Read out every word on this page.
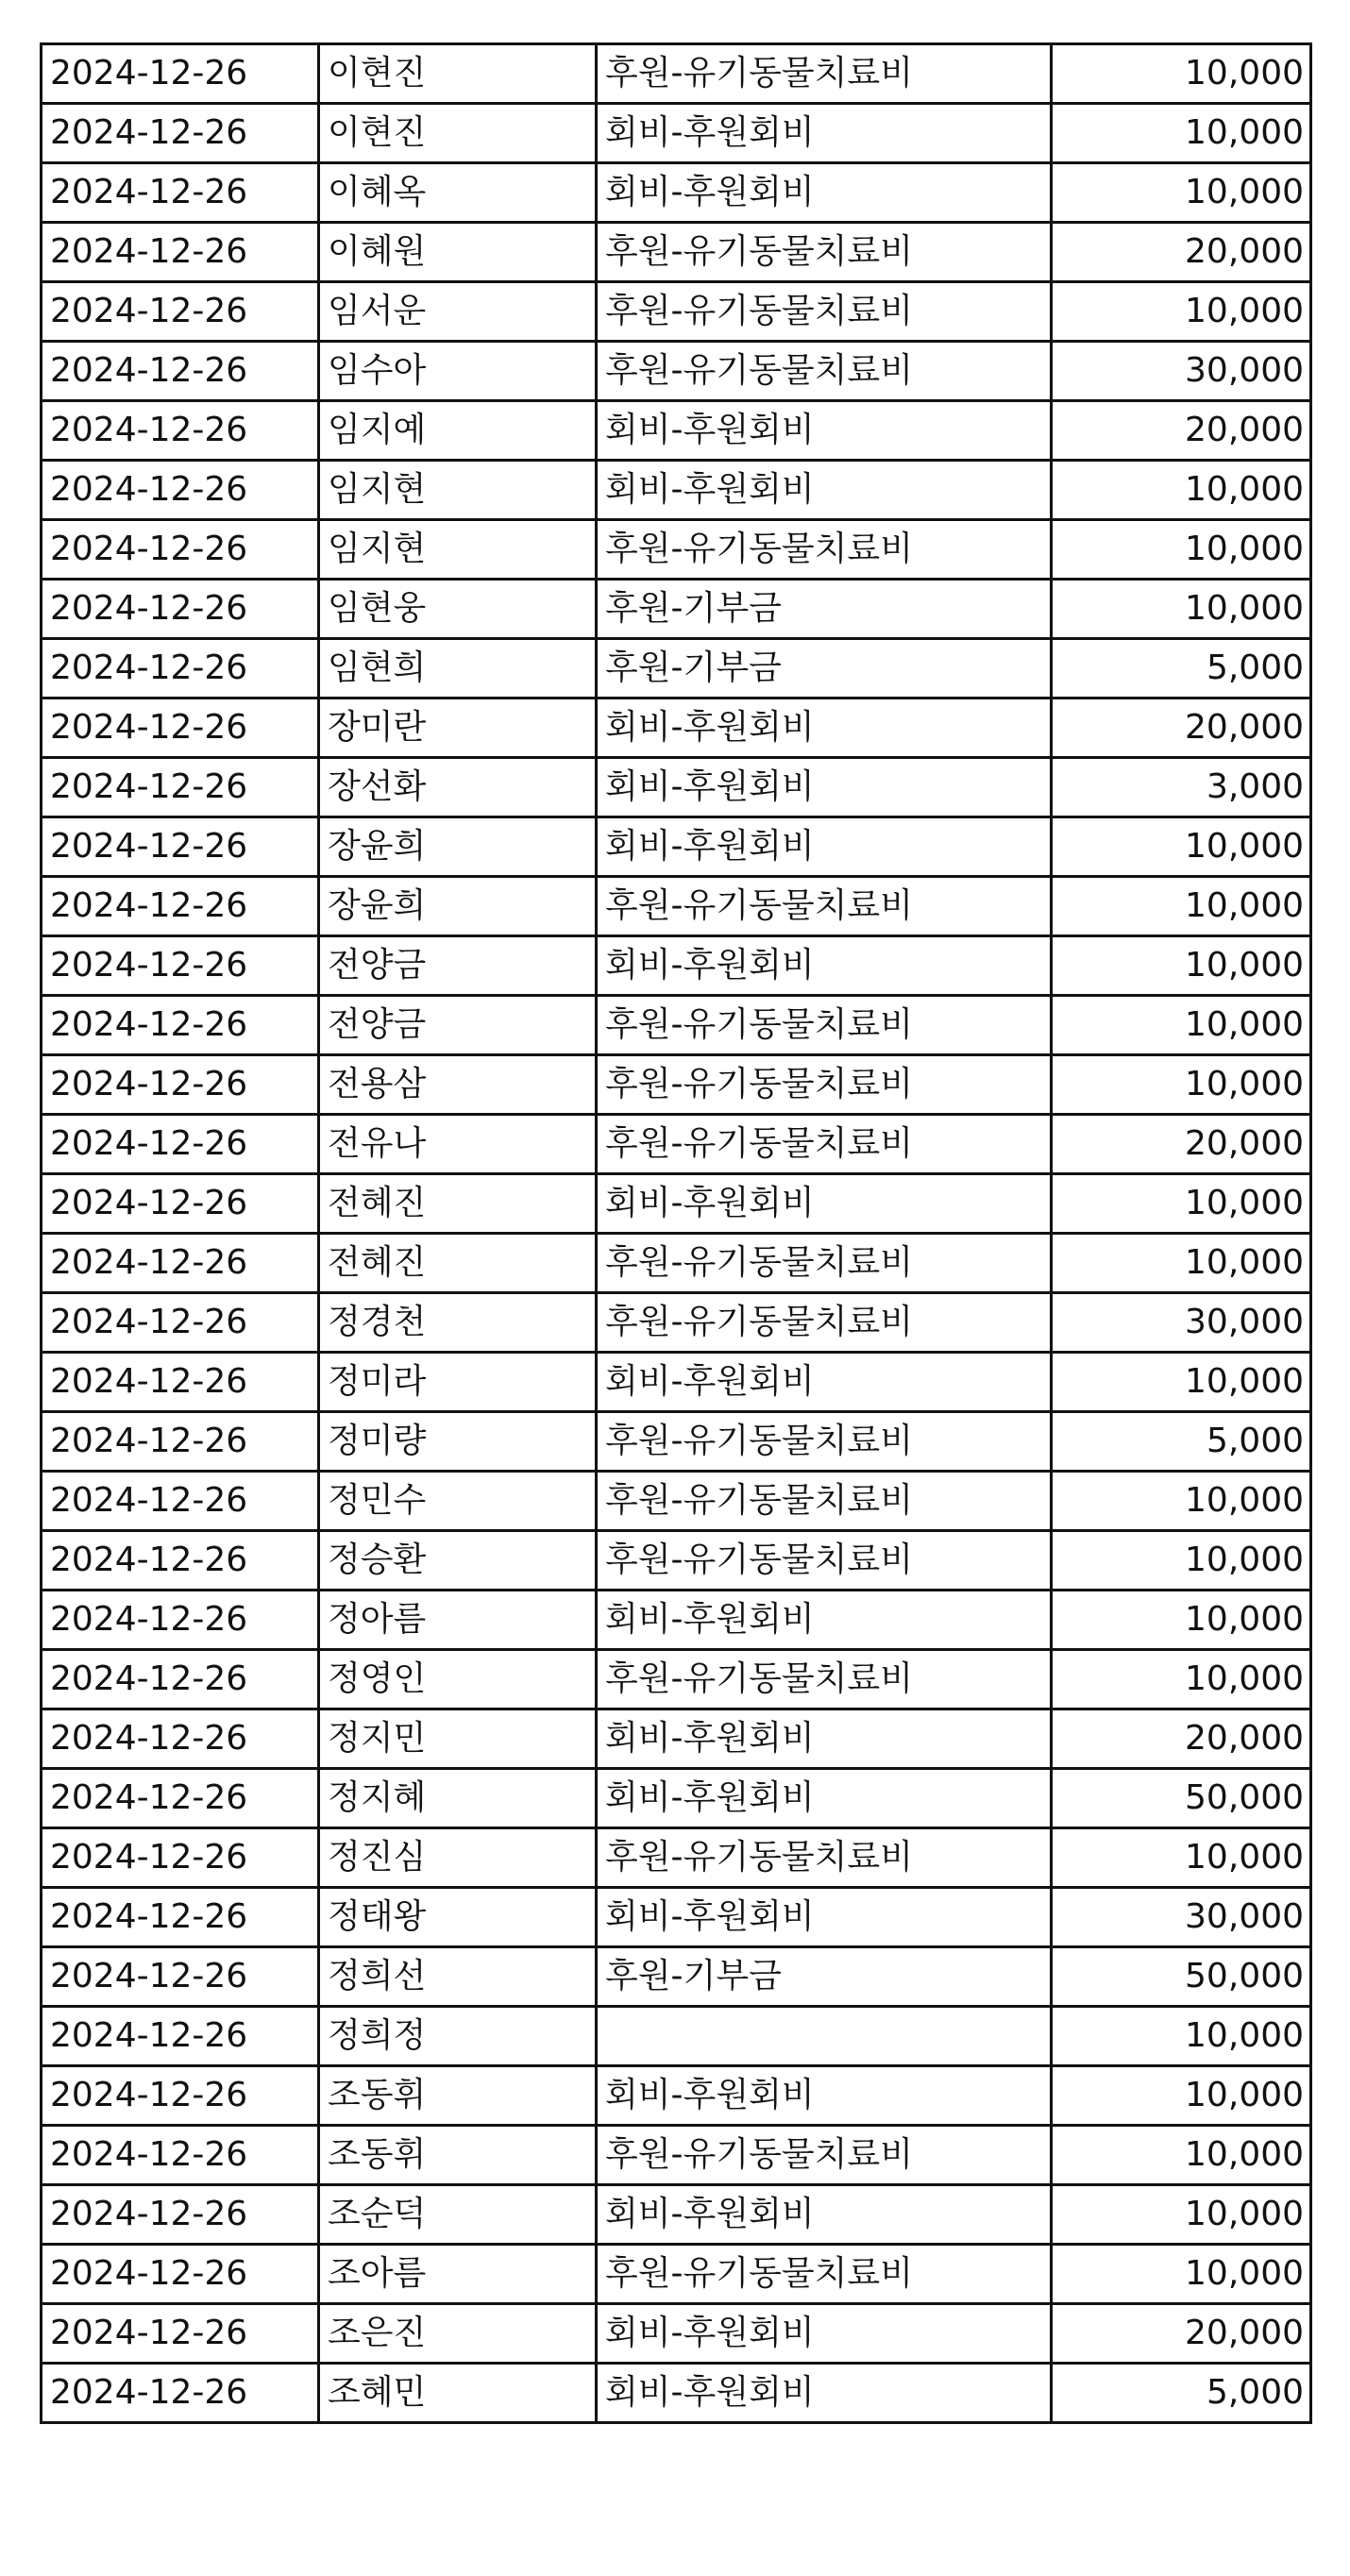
2024-12-26	이현진	후원-유기동물치료비	10,000
2024-12-26	이현진	회비-후원회비	10,000
2024-12-26	이혜옥	회비-후원회비	10,000
2024-12-26	이혜원	후원-유기동물치료비	20,000
2024-12-26	임서운	후원-유기동물치료비	10,000
2024-12-26	임수아	후원-유기동물치료비	30,000
2024-12-26	임지예	회비-후원회비	20,000
2024-12-26	임지현	회비-후원회비	10,000
2024-12-26	임지현	후원-유기동물치료비	10,000
2024-12-26	임현웅	후원-기부금	10,000
2024-12-26	임현희	후원-기부금	5,000
2024-12-26	장미란	회비-후원회비	20,000
2024-12-26	장선화	회비-후원회비	3,000
2024-12-26	장윤희	회비-후원회비	10,000
2024-12-26	장윤희	후원-유기동물치료비	10,000
2024-12-26	전양금	회비-후원회비	10,000
2024-12-26	전양금	후원-유기동물치료비	10,000
2024-12-26	전용삼	후원-유기동물치료비	10,000
2024-12-26	전유나	후원-유기동물치료비	20,000
2024-12-26	전혜진	회비-후원회비	10,000
2024-12-26	전혜진	후원-유기동물치료비	10,000
2024-12-26	정경천	후원-유기동물치료비	30,000
2024-12-26	정미라	회비-후원회비	10,000
2024-12-26	정미량	후원-유기동물치료비	5,000
2024-12-26	정민수	후원-유기동물치료비	10,000
2024-12-26	정승환	후원-유기동물치료비	10,000
2024-12-26	정아름	회비-후원회비	10,000
2024-12-26	정영인	후원-유기동물치료비	10,000
2024-12-26	정지민	회비-후원회비	20,000
2024-12-26	정지혜	회비-후원회비	50,000
2024-12-26	정진심	후원-유기동물치료비	10,000
2024-12-26	정태왕	회비-후원회비	30,000
2024-12-26	정희선	후원-기부금	50,000
2024-12-26	정희정		10,000
2024-12-26	조동휘	회비-후원회비	10,000
2024-12-26	조동휘	후원-유기동물치료비	10,000
2024-12-26	조순덕	회비-후원회비	10,000
2024-12-26	조아름	후원-유기동물치료비	10,000
2024-12-26	조은진	회비-후원회비	20,000
2024-12-26	조혜민	회비-후원회비	5,000
